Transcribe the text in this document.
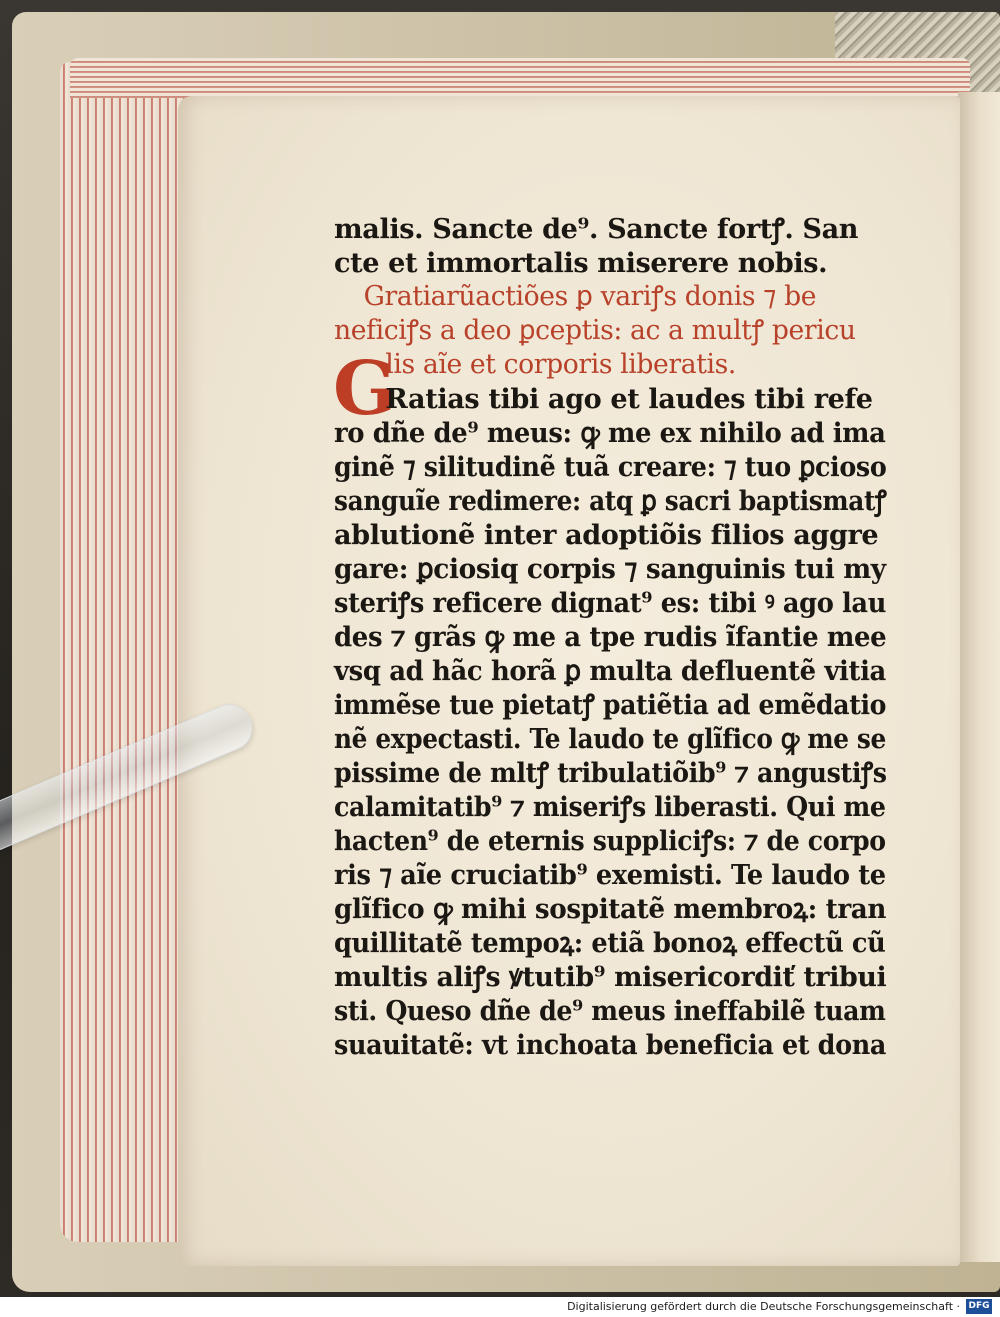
G
malis. Sancte de⁹. Sancte fortꝭ. San
cte et immortalis miserere nobis.
Gratiarũactiões ꝑ variꝭs donis ⁊ be
neficiꝭs a deo ꝑceptis: ac a multꝭ pericu
lis aĩe et corporis liberatis.
Ratias tibi ago et laudes tibi refe
ro dñe de⁹ meus: ꝙ me ex nihilo ad ima
ginẽ ⁊ silitudinẽ tuã creare: ⁊ tuo ꝑcioso
sanguĩe redimere: atq ꝑ sacri baptismatꝭ
ablutionẽ inter adoptiõis filios aggre
gare: ꝑciosiq corpis ⁊ sanguinis tui my
steriꝭs reficere dignat⁹ es: tibi ꝰ ago lau
des ⁊ grãs ꝙ me a tpe rudis ĩfantie mee
vsq ad hãc horã ꝑ multa defluentẽ vitia
immẽse tue pietatꝭ patiẽtia ad emẽdatio
nẽ expectasti. Te laudo te glĩfico ꝙ me se
pissime de mltꝭ tribulatiõib⁹ ⁊ angustiꝭs
calamitatib⁹ ⁊ miseriꝭs liberasti. Qui me
hacten⁹ de eternis suppliciꝭs: ⁊ de corpo
ris ⁊ aĩe cruciatib⁹ exemisti. Te laudo te
glĩfico ꝙ mihi sospitatẽ membroꝝ: tran
quillitatẽ tempoꝝ: etiã bonoꝝ effectũ cũ
multis aliꝭs ꝟtutib⁹ misericordiť tribui
sti. Queso dñe de⁹ meus ineffabilẽ tuam
suauitatẽ: vt inchoata beneficia et dona
Digitalisierung gefördert durch die Deutsche Forschungsgemeinschaft · DFG
